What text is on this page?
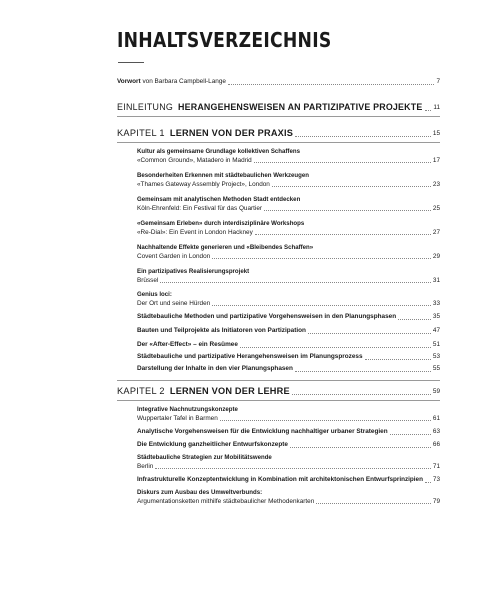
INHALTSVERZEICHNIS
Vorwort von Barbara Campbell-Lange	7
EINLEITUNG HERANGEHENSWEISEN AN PARTIZIPATIVE PROJEKTE 11
KAPITEL 1 LERNEN VON DER PRAXIS	15
Kultur als gemeinsame Grundlage kollektiven Schaffens
«Common Ground», Matadero in Madrid	17
Besonderheiten Erkennen mit städtebaulichen Werkzeugen
«Thames Gateway Assembly Project», London	23
Gemeinsam mit analytischen Methoden Stadt entdecken
Köln-Ehrenfeld: Ein Festival für das Quartier	25
«Gemeinsam Erleben» durch interdisziplinäre Workshops
«Re-Dial»: Ein Event in London Hackney	27
Nachhaltende Effekte generieren und «Bleibendes Schaffen»
Covent Garden in London	29
Ein partizipatives Realisierungsprojekt
Brüssel	31
Genius loci:
Der Ort und seine Hürden	33
Städtebauliche Methoden und partizipative Vorgehensweisen in den Planungsphasen	35
Bauten und Teilprojekte als Initiatoren von Partizipation	47
Der «After-Effect» – ein Resümee	51
Städtebauliche und partizipative Herangehensweisen im Planungsprozess	53
Darstellung der Inhalte in den vier Planungsphasen	55
KAPITEL 2 LERNEN VON DER LEHRE	59
Integrative Nachnutzungskonzepte
Wuppertaler Tafel in Barmen	61
Analytische Vorgehensweisen für die Entwicklung nachhaltiger urbaner Strategien	63
Die Entwicklung ganzheitlicher Entwurfskonzepte	66
Städtebauliche Strategien zur Mobilitätswende
Berlin	71
Infrastrukturelle Konzeptentwicklung in Kombination mit architektonischen Entwurfsprinzipien 73
Diskurs zum Ausbau des Umweltverbunds:
Argumentationsketten mithilfe städtebaulicher Methodenkarten	79
